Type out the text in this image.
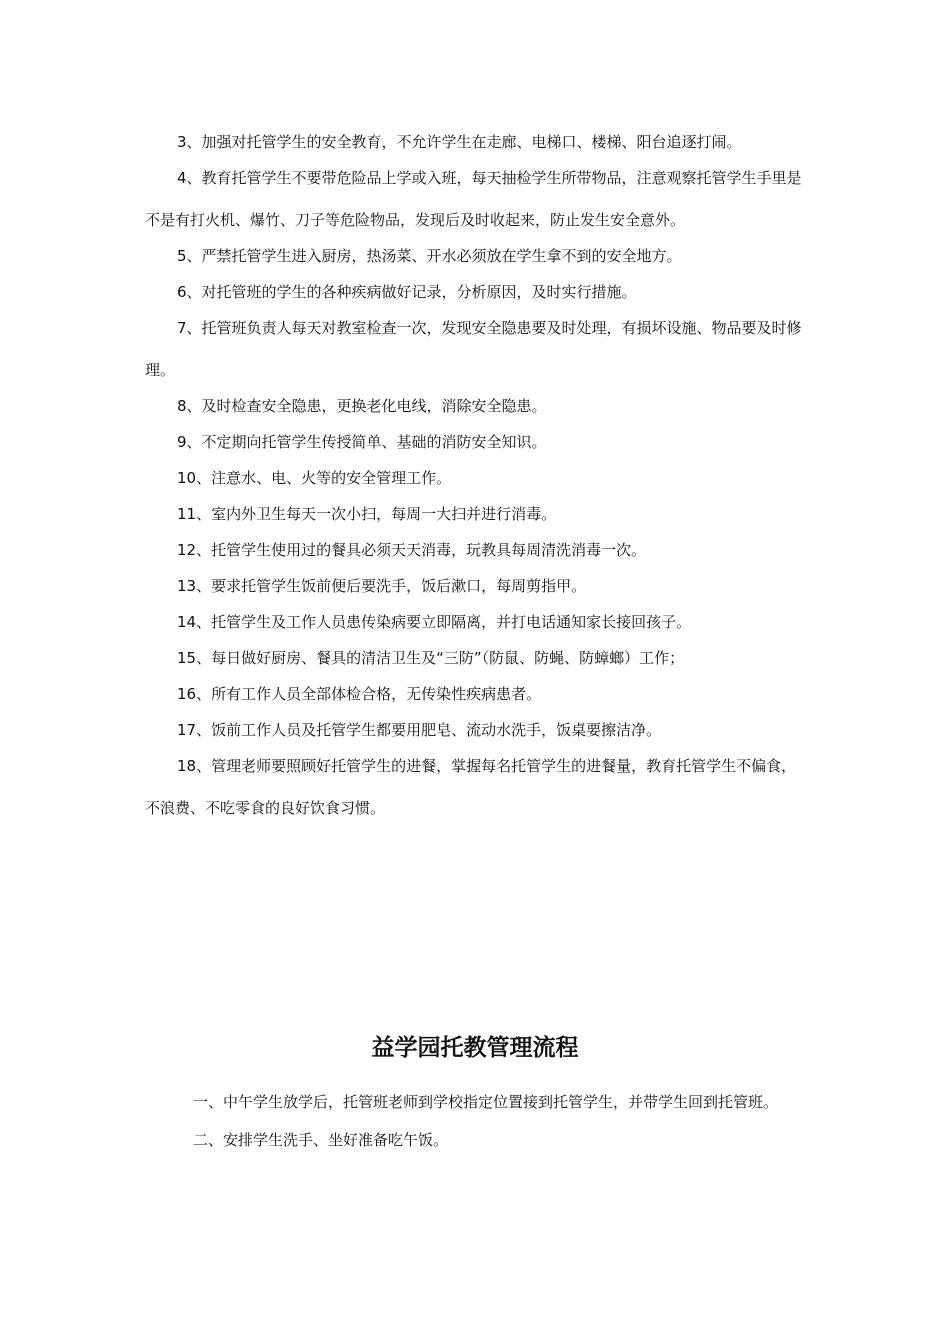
3、加强对托管学生的安全教育，不允许学生在走廊、电梯口、楼梯、阳台追逐打闹。

4、教育托管学生不要带危险品上学或入班，每天抽检学生所带物品，注意观察托管学生手里是不是有打火机、爆竹、刀子等危险物品，发现后及时收起来，防止发生安全意外。

5、严禁托管学生进入厨房，热汤菜、开水必须放在学生拿不到的安全地方。

6、对托管班的学生的各种疾病做好记录，分析原因，及时实行措施。

7、托管班负责人每天对教室检查一次，发现安全隐患要及时处理，有损坏设施、物品要及时修理。

8、及时检查安全隐患，更换老化电线，消除安全隐患。

9、不定期向托管学生传授简单、基础的消防安全知识。

10、注意水、电、火等的安全管理工作。

11、室内外卫生每天一次小扫，每周一大扫并进行消毒。

12、托管学生使用过的餐具必须天天消毒，玩教具每周清洗消毒一次。

13、要求托管学生饭前便后要洗手，饭后漱口，每周剪指甲。

14、托管学生及工作人员患传染病要立即隔离，并打电话通知家长接回孩子。

15、每日做好厨房、餐具的清洁卫生及“三防”（防鼠、防蝇、防蟑螂）工作；

16、所有工作人员全部体检合格，无传染性疾病患者。

17、饭前工作人员及托管学生都要用肥皂、流动水洗手，饭桌要擦洁净。

18、管理老师要照顾好托管学生的进餐，掌握每名托管学生的进餐量，教育托管学生不偏食，不浪费、不吃零食的良好饮食习惯。

益学园托教管理流程

一、中午学生放学后，托管班老师到学校指定位置接到托管学生，并带学生回到托管班。

二、安排学生洗手、坐好准备吃午饭。
